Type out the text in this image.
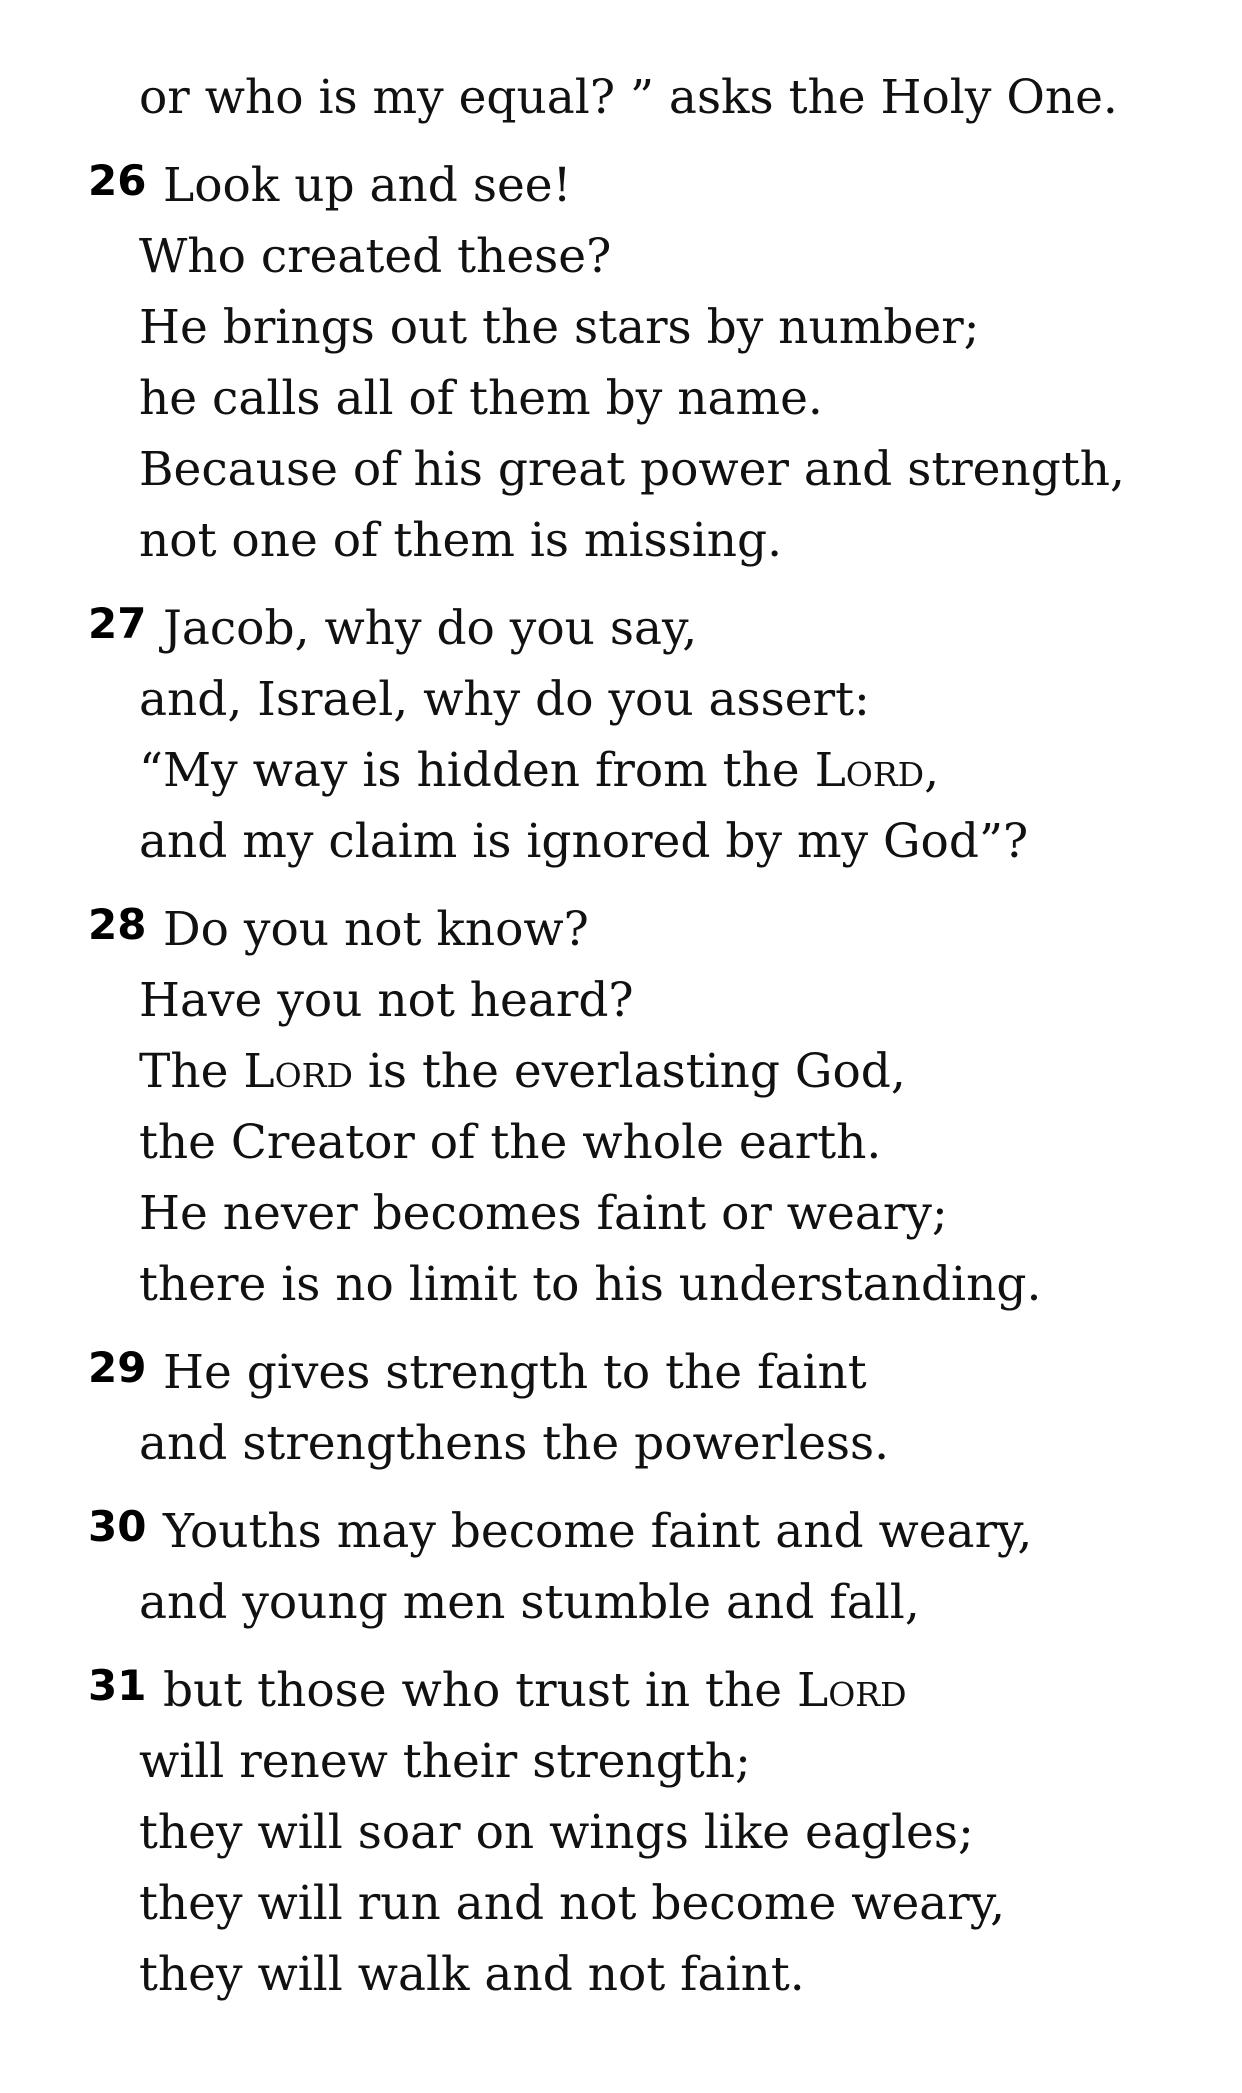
or who is my equal? ” asks the Holy One.
26 Look up and see!
Who created these?
He brings out the stars by number;
he calls all of them by name.
Because of his great power and strength,
not one of them is missing.
27 Jacob, why do you say,
and, Israel, why do you assert:
“My way is hidden from the Lord,
and my claim is ignored by my God”?
28 Do you not know?
Have you not heard?
The Lord is the everlasting God,
the Creator of the whole earth.
He never becomes faint or weary;
there is no limit to his understanding.
29 He gives strength to the faint
and strengthens the powerless.
30 Youths may become faint and weary,
and young men stumble and fall,
31 but those who trust in the Lord
will renew their strength;
they will soar on wings like eagles;
they will run and not become weary,
they will walk and not faint.
